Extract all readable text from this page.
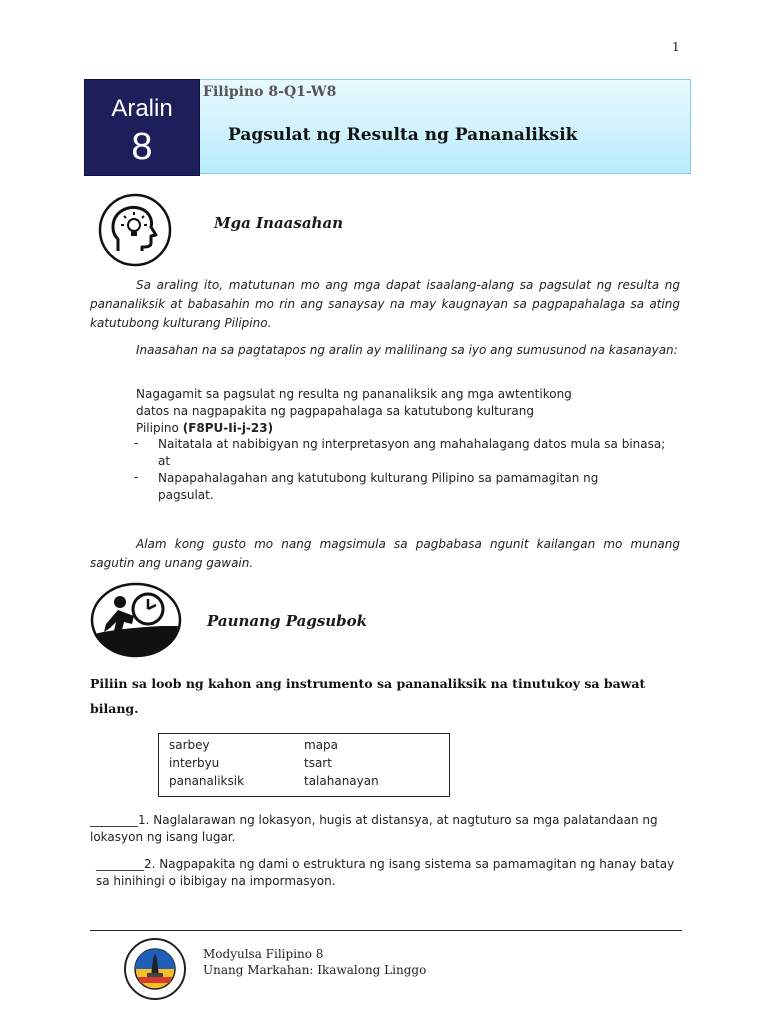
1
Aralin
8
Filipino 8-Q1-W8
Pagsulat ng Resulta ng Pananaliksik
Mga Inaasahan
Sa araling ito, matutunan mo ang mga dapat isaalang-alang sa pagsulat ng resulta ng pananaliksik at babasahin mo rin ang sanaysay na may kaugnayan sa pagpapahalaga sa ating katutubong kulturang Pilipino.
Inaasahan na sa pagtatapos ng aralin ay malilinang sa iyo ang sumusunod na kasanayan:
Nagagamit sa pagsulat ng resulta ng pananaliksik ang mga awtentikong
datos na nagpapakita ng pagpapahalaga sa katutubong kulturang
Pilipino (F8PU-Ii-j-23)
- Naitatala at nabibigyan ng interpretasyon ang mahahalagang datos mula sa binasa; at
- Napapahalagahan ang katutubong kulturang Pilipino sa pamamagitan ng pagsulat.
Alam kong gusto mo nang magsimula sa pagbabasa ngunit kailangan mo munang sagutin ang unang gawain.
Paunang Pagsubok
Piliin sa loob ng kahon ang instrumento sa pananaliksik na tinutukoy sa bawat bilang.
sarbey	mapa
interbyu	tsart
pananaliksik	talahanayan
________1. Naglalarawan ng lokasyon, hugis at distansya, at nagtuturo sa mga palatandaan ng lokasyon ng isang lugar.
________2. Nagpapakita ng dami o estruktura ng isang sistema sa pamamagitan ng hanay batay sa hinihingi o ibibigay na impormasyon.
Modyulsa Filipino 8
Unang Markahan: Ikawalong Linggo
